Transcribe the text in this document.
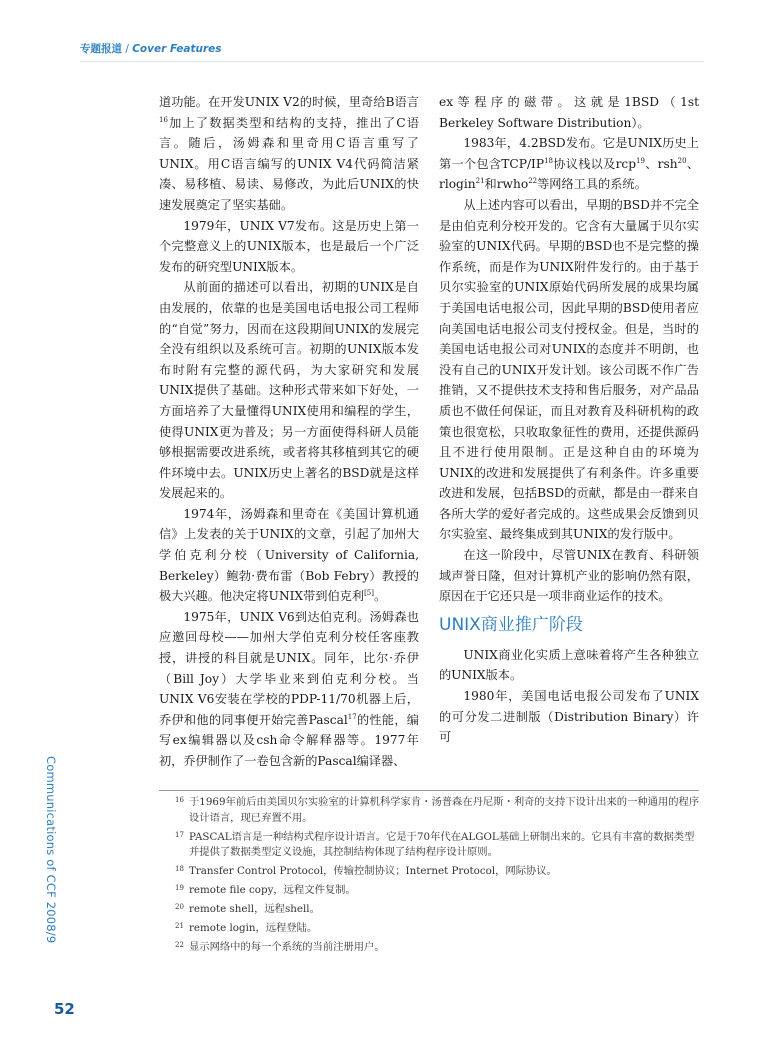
专题报道 / Cover Features
Communications of CCF 2008/9
52

道功能。在开发UNIX V2的时候，里奇给B语言$^{16}$加上了数据类型和结构的支持，推出了C语言。随后，汤姆森和里奇用C语言重写了UNIX。用C语言编写的UNIX V4代码简洁紧凑、易移植、易读、易修改，为此后UNIX的快速发展奠定了坚实基础。

1979年，UNIX V7发布。这是历史上第一个完整意义上的UNIX版本，也是最后一个广泛发布的研究型UNIX版本。

从前面的描述可以看出，初期的UNIX是自由发展的，依靠的也是美国电话电报公司工程师的“自觉”努力，因而在这段期间UNIX的发展完全没有组织以及系统可言。初期的UNIX版本发布时附有完整的源代码，为大家研究和发展UNIX提供了基础。这种形式带来如下好处，一方面培养了大量懂得UNIX使用和编程的学生，使得UNIX更为普及；另一方面使得科研人员能够根据需要改进系统，或者将其移植到其它的硬件环境中去。UNIX历史上著名的BSD就是这样发展起来的。

1974年，汤姆森和里奇在《美国计算机通信》上发表的关于UNIX的文章，引起了加州大学伯克利分校（University of California, Berkeley）鲍勃·费布雷（Bob Febry）教授的极大兴趣。他决定将UNIX带到伯克利[5]。

1975年，UNIX V6到达伯克利。汤姆森也应邀回母校——加州大学伯克利分校任客座教授，讲授的科目就是UNIX。同年，比尔·乔伊（Bill Joy）大学毕业来到伯克利分校。当UNIX V6安装在学校的PDP-11/70机器上后，乔伊和他的同事便开始完善Pascal$^{17}$的性能，编写ex编辑器以及csh命令解释器等。1977年初，乔伊制作了一卷包含新的Pascal编译器、

ex等程序的磁带。这就是1BSD（1st Berkeley Software Distribution）。

1983年，4.2BSD发布。它是UNIX历史上第一个包含TCP/IP$^{18}$协议栈以及rcp$^{19}$、rsh$^{20}$、rlogin$^{21}$和rwho$^{22}$等网络工具的系统。

从上述内容可以看出，早期的BSD并不完全是由伯克利分校开发的。它含有大量属于贝尔实验室的UNIX代码。早期的BSD也不是完整的操作系统，而是作为UNIX附件发行的。由于基于贝尔实验室的UNIX原始代码所发展的成果均属于美国电话电报公司，因此早期的BSD使用者应向美国电话电报公司支付授权金。但是，当时的美国电话电报公司对UNIX的态度并不明朗，也没有自己的UNIX开发计划。该公司既不作广告推销，又不提供技术支持和售后服务，对产品品质也不做任何保证，而且对教育及科研机构的政策也很宽松，只收取象征性的费用，还提供源码且不进行使用限制。正是这种自由的环境为UNIX的改进和发展提供了有利条件。许多重要改进和发展，包括BSD的贡献，都是由一群来自各所大学的爱好者完成的。这些成果会反馈到贝尔实验室、最终集成到其UNIX的发行版中。

在这一阶段中，尽管UNIX在教育、科研领域声誉日隆，但对计算机产业的影响仍然有限，原因在于它还只是一项非商业运作的技术。

UNIX商业推广阶段

UNIX商业化实质上意味着将产生各种独立的UNIX版本。

1980年，美国电话电报公司发布了UNIX的可分发二进制版（Distribution Binary）许可

16 于1969年前后由美国贝尔实验室的计算机科学家肯・汤普森在丹尼斯・利奇的支持下设计出来的一种通用的程序设计语言，现已弃置不用。
17 PASCAL语言是一种结构式程序设计语言。它是于70年代在ALGOL基础上研制出来的。它具有丰富的数据类型并提供了数据类型定义设施，其控制结构体现了结构程序设计原则。
18 Transfer Control Protocol，传输控制协议；Internet Protocol，网际协议。
19 remote file copy，远程文件复制。
20 remote shell，远程shell。
21 remote login，远程登陆。
22 显示网络中的每一个系统的当前注册用户。
